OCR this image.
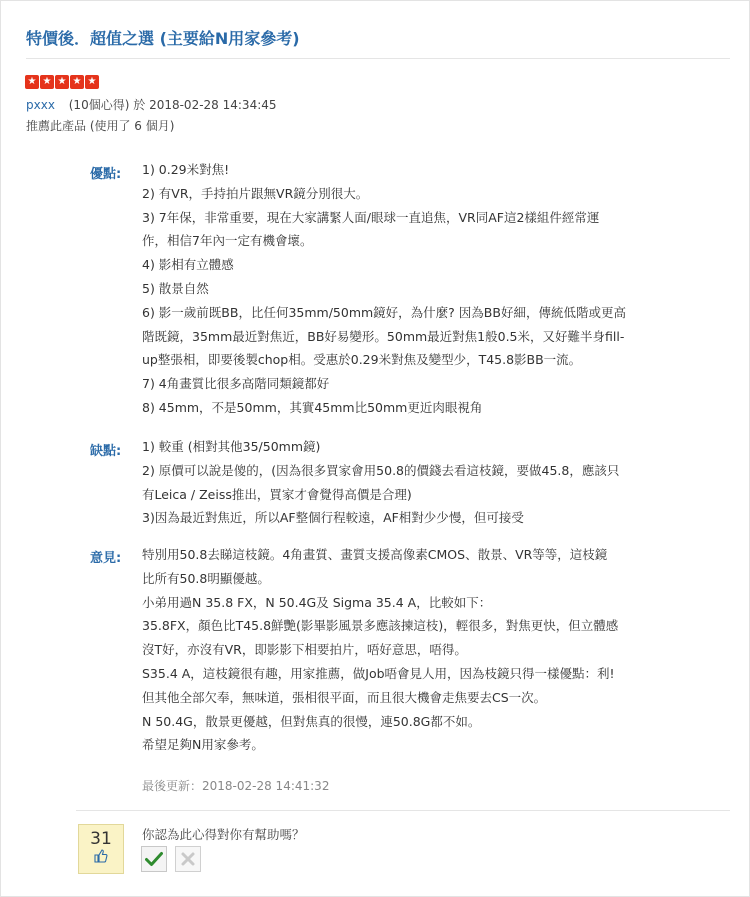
特價後．超值之選 (主要給N用家參考)
★ ★ ★ ★ ★
pxxx (10個心得) 於 2018-02-28 14:34:45
推薦此產品 (使用了 6 個月)
優點: 1) 0.29米對焦!
2) 有VR，手持拍片跟無VR鏡分別很大。
3) 7年保，非常重要，現在大家講緊人面/眼球一直追焦，VR同AF這2樣組件經常運
作，相信7年內一定有機會壞。
4) 影相有立體感
5) 散景自然
6) 影一歲前既BB，比任何35mm/50mm鏡好，為什麼? 因為BB好細，傳統低階或更高
階既鏡，35mm最近對焦近，BB好易變形。50mm最近對焦1般0.5米，又好難半身fill-
up整張相，即要後製chop相。受惠於0.29米對焦及變型少，T45.8影BB一流。
7) 4角畫質比很多高階同類鏡都好
8) 45mm，不是50mm，其實45mm比50mm更近肉眼視角
缺點: 1) 較重 (相對其他35/50mm鏡)
2) 原價可以說是傻的，(因為很多買家會用50.8的價錢去看這枝鏡，要做45.8，應該只
有Leica / Zeiss推出，買家才會覺得高價是合理)
3)因為最近對焦近，所以AF整個行程較遠，AF相對少少慢，但可接受
意見: 特別用50.8去睇這枝鏡。4角畫質、畫質支援高像素CMOS、散景、VR等等，這枝鏡
比所有50.8明顯優越。
小弟用過N 35.8 FX，N 50.4G及 Sigma 35.4 A，比較如下：
35.8FX，顏色比T45.8鮮艷(影畢影風景多應該揀這枝)，輕很多，對焦更快，但立體感
沒T好，亦沒有VR，即影影下相要拍片，唔好意思，唔得。
S35.4 A，這枝鏡很有趣，用家推薦，做Job唔會見人用，因為枝鏡只得一樣優點：利!
但其他全部欠奉，無味道，張相很平面，而且很大機會走焦要去CS一次。
N 50.4G，散景更優越，但對焦真的很慢，連50.8G都不如。
希望足夠N用家參考。
最後更新：2018-02-28 14:41:32
31	你認為此心得對你有幫助嗎？
